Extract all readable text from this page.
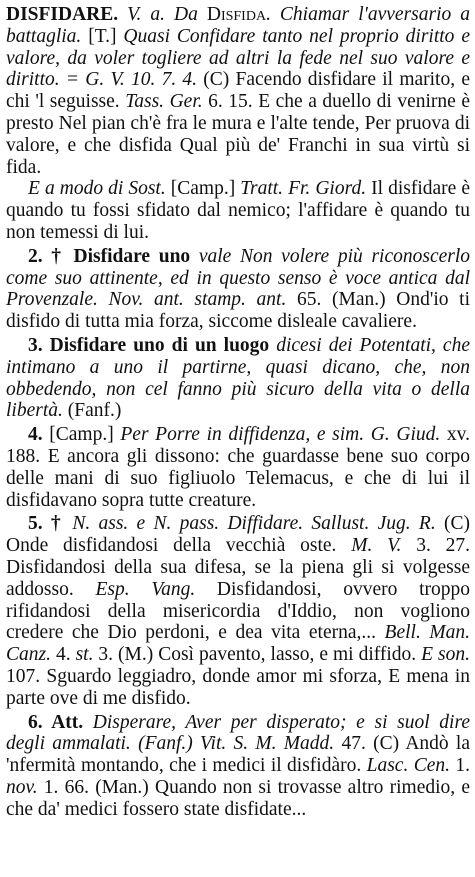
DISFIDARE. V. a. Da Disfida. Chiamar l'avversario a battaglia. [T.] Quasi Confidare tanto nel proprio diritto e valore, da voler togliere ad altri la fede nel suo valore e diritto. = G. V. 10. 7. 4. (C) Facendo disfidare il marito, e chi 'l seguisse. Tass. Ger. 6. 15. E che a duello di venirne è presto Nel pian ch'è fra le mura e l'alte tende, Per pruova di valore, e che disfida Qual più de' Franchi in sua virtù si fida.

E a modo di Sost. [Camp.] Tratt. Fr. Giord. Il disfidare è quando tu fossi sfidato dal nemico; l'affidare è quando tu non temessi di lui.

2. † Disfidare uno vale Non volere più riconoscerlo come suo attinente, ed in questo senso è voce antica dal Provenzale. Nov. ant. stamp. ant. 65. (Man.) Ond'io ti disfido di tutta mia forza, siccome disleale cavaliere.

3. Disfidare uno di un luogo dicesi dei Potentati, che intimano a uno il partirne, quasi dicano, che, non obbedendo, non cel fanno più sicuro della vita o della libertà. (Fanf.)

4. [Camp.] Per Porre in diffidenza, e sim. G. Giud. xv. 188. E ancora gli dissono: che guardasse bene suo corpo delle mani di suo figliuolo Telemacus, e che di lui il disfidavano sopra tutte creature.

5. † N. ass. e N. pass. Diffidare. Sallust. Jug. R. (C) Onde disfidandosi della vecchià oste. M. V. 3. 27. Disfidandosi della sua difesa, se la piena gli si volgesse addosso. Esp. Vang. Disfidandosi, ovvero troppo rifidandosi della misericordia d'Iddio, non vogliono credere che Dio perdoni, e dea vita eterna,... Bell. Man. Canz. 4. st. 3. (M.) Così pavento, lasso, e mi diffido. E son. 107. Sguardo leggiadro, donde amor mi sforza, E mena in parte ove di me disfido.

6. Att. Disperare, Aver per disperato; e si suol dire degli ammalati. (Fanf.) Vit. S. M. Madd. 47. (C) Andò la 'nfermità montando, che i medici il disfidàro. Lasc. Cen. 1. nov. 1. 66. (Man.) Quando non si trovasse altro rimedio, e che da' medici fossero state disfidate...
